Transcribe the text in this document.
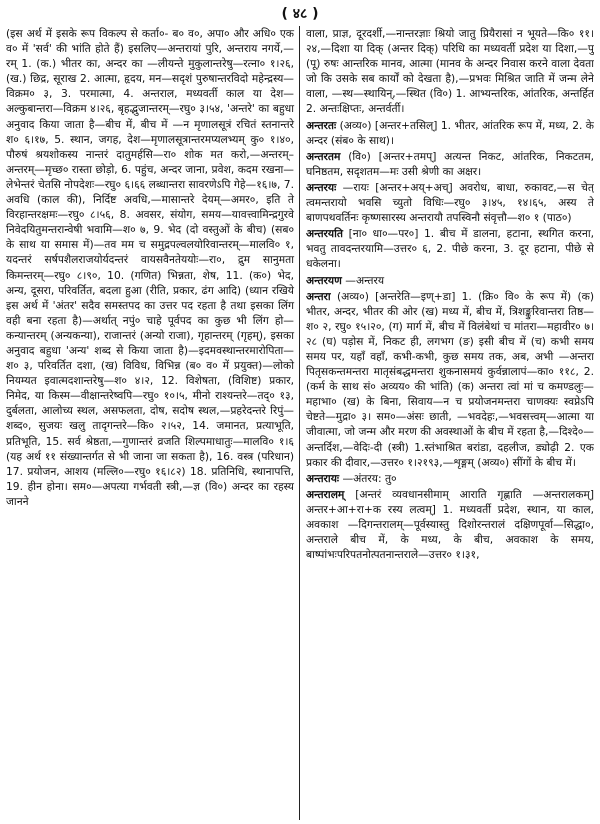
( ४८ )
(इस अर्थ में इसके रूप विकल्प से कर्ता०- ब० व०, अपा० और अधि० एक व० में 'सर्व' की भांति होते हैं) इसलिए—अन्तरायां पुरि, अन्तराय नगर्ये,—रम् 1. (क.) भीतर का, अन्दर का —लीयन्ते मुकुलान्तरेषु—रत्ना० १।२६, (ख.) छिद्र, सूराख 2. आत्मा, हृदय, मन—सदृशं पुरुषान्तरविदो महेन्द्रस्य—विक्रम० ३, 3. परमात्मा, 4. अन्तराल, मध्यवर्ती काल या देश—अल्कुबान्तरा—विक्रम ४।२६, बृहद्भुजान्तरम्—रघु० ३।५४, 'अन्तरे' का बहुधा अनुवाद किया जाता है—बीच में, बीच में —न मृणालसूत्रं रचितं स्तनान्तरे श० ६।१७, 5. स्थान, जगह, देश—मृणालसूत्रान्तरमप्यलभ्यम् कु० १।४०, पौरुषं श्रयशोकस्य नान्तरं दातुमर्हसि—रा० शोक मत करो,—अन्तरम्–अन्तरम्—मृच्छ० रास्ता छोड़ो, 6. पहुंच, अन्दर जाना, प्रवेश, कदम रखना—लेभेन्तरं चेतसि नोपदेशः—रघु० ६।६६ लब्धान्तरा सावरणेऽपि गेहे—१६।७, 7. अवधि (काल की), निर्दिष्ट अवधि,—मासान्तरे देयम्—अमर०, इति ते विरहान्तरक्षमः—रघु० ८।५६, 8. अवसर, संयोग, समय—यावत्त्वामिन्द्रगुरवे निवेदयितुमन्तरान्वेषी भवामि—श० ७, 9. भेद (दो वस्तुओं के बीच) (सब० के साथ या समास में)—तव मम च समुद्रपल्वलयोरिवान्तरम्—मालवि० १, यदन्तरं सर्षपशैलराजयोर्यदन्तरं वायसवैनतेययोः—रा०, द्रुम सानुमता किमन्तरम्—रघु० ८।९०, 10. (गणित) भिन्नता, शेष, 11. (क०) भेद, अन्य, दूसरा, परिवर्तित, बदला हुआ (रीति, प्रकार, ढंग आदि) (ध्यान रखिये इस अर्थ में 'अंतर' सदैव समस्तपद का उत्तर पद रहता है तथा इसका लिंग वही बना रहता है)—अर्थात् नपुं० चाहे पूर्वपद का कुछ भी लिंग हो—कन्यान्तरम् (अन्यकन्या), राजान्तरं (अन्यो राजा), गृहान्तरम् (गृहम्), इसका अनुवाद बहुधा 'अन्य' शब्द से किया जाता है)—इदमवस्थान्तरमारोपिता—श० ३, परिवर्तित दशा, (ख) विविध, विभिन्न (ब० व० में प्रयुक्त)—लोको नियम्यत इवात्मदशान्तरेषु—श० ४।२, 12. विशेषता, (विशिष्ट) प्रकार, निमेद, या किस्म—वीक्षान्तरेष्वपि—रघु० १०।५, मीनो राश्यन्तरे—तद्० १३, दुर्बलता, आलोच्य स्थल, असफलता, दोष, सदोष स्थल,—प्रहरेदन्तरे रिपुं—शब्द०, सुजयः खलु तादृगन्तरे—कि० २।५२, 14. जमानत, प्रत्याभूति, प्रतिभूति, 15. सर्व श्रेष्ठता,—गुणान्तरं व्रजति शिल्पमाधातुः—मालवि० १।६ (यह अर्थ ११ संख्यान्तर्गत से भी जाना जा सकता है), 16. वस्त्र (परिधान) 17. प्रयोजन, आशय (मल्लि०—रघु० १६।८२) 18. प्रतिनिधि, स्थानापत्ति, 19. हीन होना। सम०—अपत्या गर्भवती स्त्री,—ज्ञ (वि०) अन्दर का रहस्य जानने
वाला, प्राज्ञ, दूरदर्शी,—नान्तरज्ञाः श्रियो जातु प्रियैरासां न भूयते—कि० ११।२४,—दिशा या दिक् (अन्तर दिक्) परिधि का मध्यवर्ती प्रदेश या दिशा,—पु (पू) रुषः आन्तरिक मानव, आत्मा (मानव के अन्दर निवास करने वाला देवता जो कि उसके सब कार्यों को देखता है),—प्रभवः मिश्रित जाति में जन्म लेने वाला, —स्थ—स्थायिन्,—स्थित (वि०) 1. आभ्यन्तरिक, आंतरिक, अन्तर्हित 2. अन्तःक्षिप्तः, अन्तर्वर्ती।
अन्तरतः (अव्य०) [अन्तर+तसिल्] 1. भीतर, आंतरिक रूप में, मध्य, 2. के अन्दर (संब० के साथ)।
अन्तरतम (वि०) [अन्तर+तमप्] अत्यन्त निकट, आंतरिक, निकटतम, घनिष्ठतम, सदृशतम—मः उसी श्रेणी का अक्षर।
अन्तरयः —रायः [अन्तर+अय्+अच्] अवरोध, बाधा, रुकावट,—स चेत् त्वमन्तरायो भवसि च्युतो विधिः—रघु० ३।४५, १४।६५, अस्य ते बाणपथवर्तिनः कृष्णसारस्य अन्तरायौ तपस्विनौ संवृत्तौ—श० १ (पाठ०)
अन्तरयति [ना० धा०—पर०] 1. बीच में डालना, हटाना, स्थगित करना, भवतु तावदन्तरयामि—उत्तर० ६, 2. पीछे करना, 3. दूर हटाना, पीछे से धकेलना।
अन्तरयण —अन्तरय
अन्तरा (अव्य०) [अन्तरेति—इण्+डा] 1. (क्रि० वि० के रूप में) (क) भीतर, अन्दर, भीतर की ओर (ख) मध्य में, बीच में, त्रिशङ्कुरिवान्तरा तिष्ठ—श० २, रघु० १५।२०, (ग) मार्ग में, बीच में विलंबेथां च मांतरा—महावीर० ७।२८ (घ) पड़ोस में, निकट ही, लगभग (ङ) इसी बीच में (च) कभी समय समय पर, यहाँ वहाँ, कभी-कभी, कुछ समय तक, अब, अभी —अन्तरा पितृसकन्तमन्तरा मातृसंबद्धमन्तरा शुकनासमयं कुर्वन्नालापं—का० ११८, 2. (कर्म के साथ सं० अव्यय० की भांति) (क) अन्तरा त्वां मां च कमण्डलुः—महाभा० (ख) के बिना, सिवाय—न च प्रयोजनमन्तरा चाणक्यः स्वप्नेऽपि चेष्टते—मुद्रा० ३। सम०—अंसः छाती, —भवदेहः,—भवसत्त्वम्—आत्मा या जीवात्मा, जो जन्म और मरण की अवस्थाओं के बीच में रहता है,—दिश्दे०—अन्तर्दिश,—वेदिः-दी (स्त्री) 1.स्तंभाश्रित बरांडा, दहलीज, ड्योढ़ी 2. एक प्रकार की दीवार,—उत्तर० १।२१९३,—शृङ्गम् (अव्य०) सींगों के बीच में।
अन्तरायः —अंतरय: तु०
अन्तरालम् [अन्तरं व्यवधानसीमाम् आराति गृह्णाति —अन्तरालकम्] अन्तर+आ+रा+क रस्य लत्वम्] 1. मध्यवर्ती प्रदेश, स्थान, या काल, अवकाश —दिगन्तरालम्—पूर्वस्यास्तु दिशोरन्तरालं दक्षिणपूर्वा—सिद्धा०, अन्तराले बीच में, के मध्य, के बीच, अवकाश के समय, बाष्पांभःपरिपतनोत्पतनान्तराले—उत्तर० १।३१,
